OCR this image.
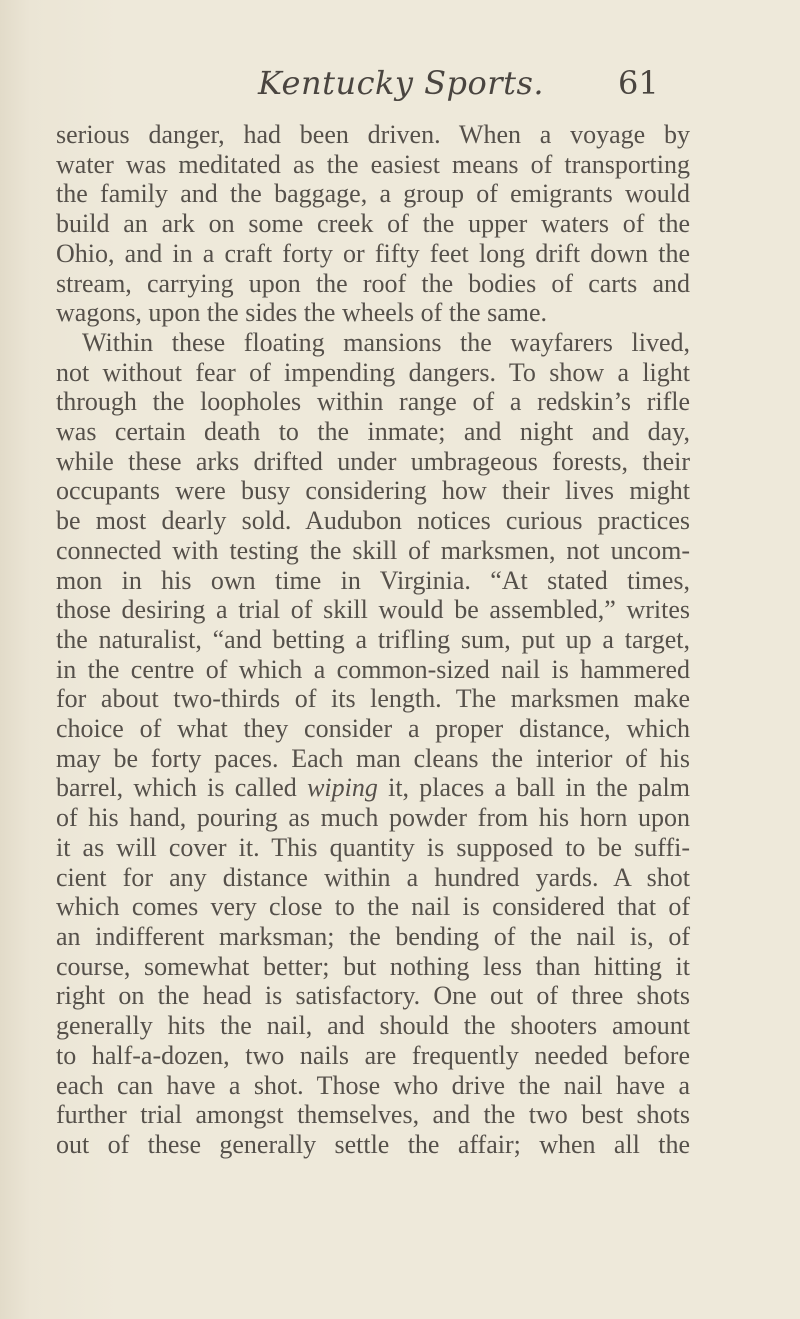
Kentucky Sports. 61
serious danger, had been driven. When a voyage by
water was meditated as the easiest means of transporting
the family and the baggage, a group of emigrants would
build an ark on some creek of the upper waters of the
Ohio, and in a craft forty or fifty feet long drift down the
stream, carrying upon the roof the bodies of carts and
wagons, upon the sides the wheels of the same.
Within these floating mansions the wayfarers lived,
not without fear of impending dangers. To show a light
through the loopholes within range of a redskin’s rifle
was certain death to the inmate; and night and day,
while these arks drifted under umbrageous forests, their
occupants were busy considering how their lives might
be most dearly sold. Audubon notices curious practices
connected with testing the skill of marksmen, not uncom-
mon in his own time in Virginia. “At stated times,
those desiring a trial of skill would be assembled,” writes
the naturalist, “and betting a trifling sum, put up a target,
in the centre of which a common-sized nail is hammered
for about two-thirds of its length. The marksmen make
choice of what they consider a proper distance, which
may be forty paces. Each man cleans the interior of his
barrel, which is called wiping it, places a ball in the palm
of his hand, pouring as much powder from his horn upon
it as will cover it. This quantity is supposed to be suffi-
cient for any distance within a hundred yards. A shot
which comes very close to the nail is considered that of
an indifferent marksman; the bending of the nail is, of
course, somewhat better; but nothing less than hitting it
right on the head is satisfactory. One out of three shots
generally hits the nail, and should the shooters amount
to half-a-dozen, two nails are frequently needed before
each can have a shot. Those who drive the nail have a
further trial amongst themselves, and the two best shots
out of these generally settle the affair; when all the
